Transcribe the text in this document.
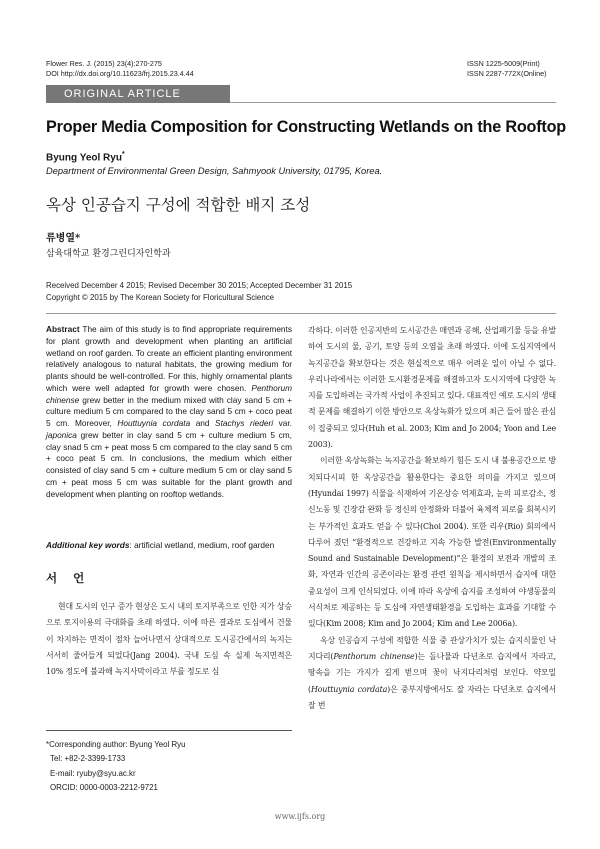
Flower Res. J. (2015) 23(4):270-275
DOI http://dx.doi.org/10.11623/frj.2015.23.4.44
ISSN 1225-5009(Print)
ISSN 2287-772X(Online)
ORIGINAL ARTICLE
Proper Media Composition for Constructing Wetlands on the Rooftop
Byung Yeol Ryu*
Department of Environmental Green Design, Sahmyook University, 01795, Korea.
옥상 인공습지 구성에 적합한 배지 조성
류병열*
삼육대학교 환경그린디자인학과
Received December 4 2015; Revised December 30 2015; Accepted December 31 2015
Copyright © 2015 by The Korean Society for Floricultural Science

Abstract The aim of this study is to find appropriate requirements for plant growth and development when planting an artificial wetland on roof garden. To create an efficient planting environment relatively analogous to natural habitats, the growing medium for plants should be well-controlled. For this, highly ornamental plants which were well adapted for growth were chosen. Penthorum chinense grew better in the medium mixed with clay sand 5 cm + culture medium 5 cm compared to the clay sand 5 cm + coco peat 5 cm. Moreover, Houttuynia cordata and Stachys riederi var. japonica grew better in clay sand 5 cm + culture medium 5 cm, clay snad 5 cm + peat moss 5 cm compared to the clay sand 5 cm + coco peat 5 cm. In conclusions, the medium which either consisted of clay sand 5 cm + culture medium 5 cm or clay sand 5 cm + peat moss 5 cm was suitable for the plant growth and development when planting on rooftop wetlands.

Additional key words: artificial wetland, medium, roof garden

서 언

현대 도시의 인구 증가 현상은 도시 내의 토지부족으로 인한 지가 상승으로 토지이용의 극대화를 초래 하였다. 이에 따른 결과로 도심에서 건물이 차지하는 면적이 점차 늘어나면서 상대적으로 도시공간에서의 녹지는 서서히 줄어들게 되었다(Jang 2004). 국내 도심 속 실제 녹지면적은 10% 정도에 불과해 녹지사막이라고 부를 정도로 심

각하다. 이러한 인공지반의 도시공간은 매연과 공해, 산업폐기물 등을 유발하여 도시의 물, 공기, 토양 등의 오염을 초래 하였다. 이에 도심지역에서 녹지공간을 확보한다는 것은 현실적으로 매우 어려운 일이 아닐 수 없다. 우리나라에서는 이러한 도시환경문제를 해결하고자 도시지역에 다양한 녹지를 도입하려는 국가적 사업이 추진되고 있다. 대표적인 예로 도시의 생태적 문제를 해결하기 이한 방안으로 옥상녹화가 있으며 최근 들어 많은 관심이 집중되고 있다(Huh et al. 2003; Kim and Jo 2004; Yoon and Lee 2003).
이러한 옥상녹화는 녹지공간을 확보하기 힘든 도시 내 불용공간으로 방치되다시피 한 옥상공간을 활용한다는 중요한 의미를 가지고 있으며(Hyundai 1997) 식물을 식재하여 기온상승 억제효과, 눈의 피로감소, 정신노동 및 긴장감 완화 등 정신의 안정화와 더불어 육체적 피로를 회복시키는 부가적인 효과도 얻을 수 있다(Choi 2004). 또한 리우(Rio) 회의에서 다루어 졌던 “환경적으로 건강하고 지속 가능한 발전(Environmentally Sound and Sustainable Development)”은 환경의 보전과 개발의 조화, 자연과 인간의 공존이라는 환경 관련 원칙을 제시하면서 습지에 대한 중요성이 크게 인식되었다. 이에 따라 옥상에 습지를 조성하여 야생동물의 서식처로 제공하는 등 도심에 자연생태환경을 도입하는 효과를 기대할 수 있다(Kim 2008; Kim and Jo 2004; Kim and Lee 2006a).
옥상 인공습지 구성에 적합한 식물 중 관상가치가 있는 습지식물인 낙지다리(Penthorum chinense)는 돌나물과 다년초로 습지에서 자라고, 땅속을 기는 가지가 길게 벋으며 꽃이 낙지다리처럼 보인다. 약모밀(Houttuynia cordata)은 중부지방에서도 잘 자라는 다년초로 습지에서 잘 번
*Corresponding author: Byung Yeol Ryu
Tel: +82-2-3399-1733
E-mail: ryuby@syu.ac.kr
ORCID: 0000-0003-2212-9721
www.ijfs.org
